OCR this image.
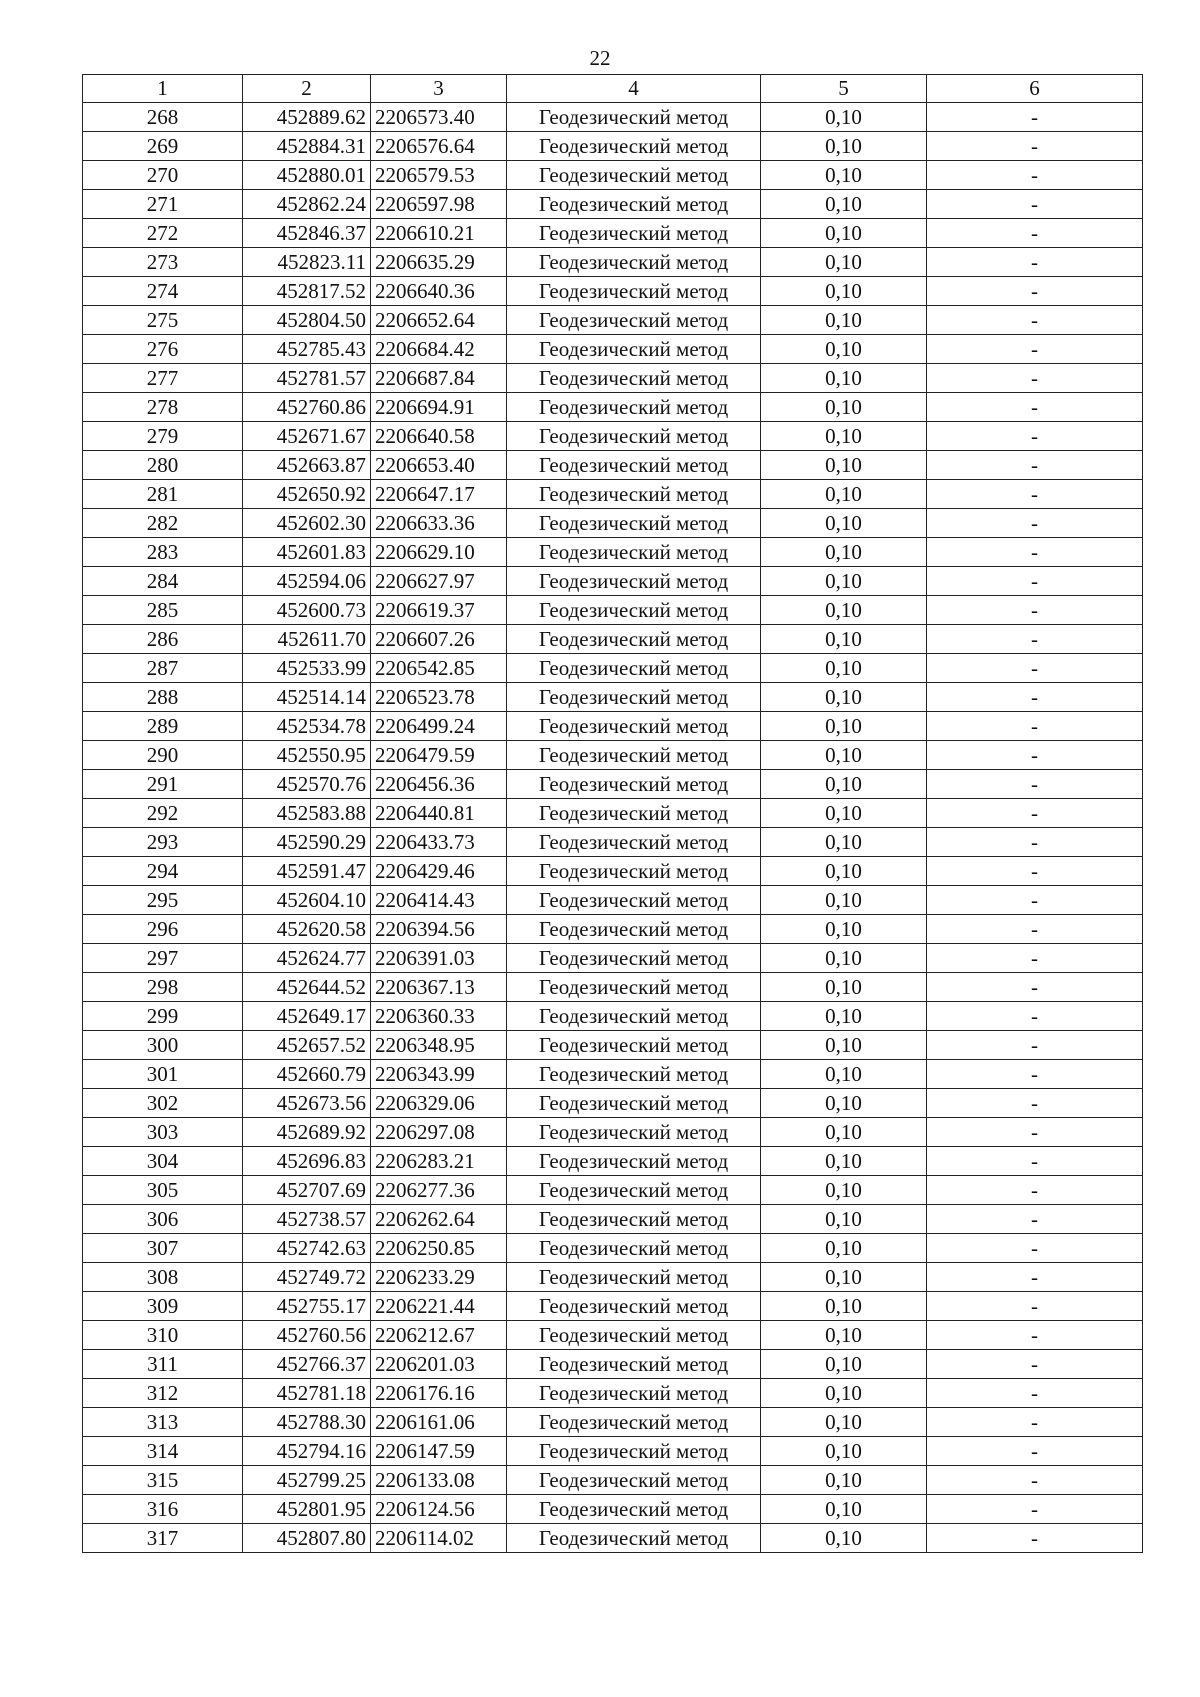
22
1	2	3	4	5	6
268	452889.62	2206573.40	Геодезический метод	0,10	-
269	452884.31	2206576.64	Геодезический метод	0,10	-
270	452880.01	2206579.53	Геодезический метод	0,10	-
271	452862.24	2206597.98	Геодезический метод	0,10	-
272	452846.37	2206610.21	Геодезический метод	0,10	-
273	452823.11	2206635.29	Геодезический метод	0,10	-
274	452817.52	2206640.36	Геодезический метод	0,10	-
275	452804.50	2206652.64	Геодезический метод	0,10	-
276	452785.43	2206684.42	Геодезический метод	0,10	-
277	452781.57	2206687.84	Геодезический метод	0,10	-
278	452760.86	2206694.91	Геодезический метод	0,10	-
279	452671.67	2206640.58	Геодезический метод	0,10	-
280	452663.87	2206653.40	Геодезический метод	0,10	-
281	452650.92	2206647.17	Геодезический метод	0,10	-
282	452602.30	2206633.36	Геодезический метод	0,10	-
283	452601.83	2206629.10	Геодезический метод	0,10	-
284	452594.06	2206627.97	Геодезический метод	0,10	-
285	452600.73	2206619.37	Геодезический метод	0,10	-
286	452611.70	2206607.26	Геодезический метод	0,10	-
287	452533.99	2206542.85	Геодезический метод	0,10	-
288	452514.14	2206523.78	Геодезический метод	0,10	-
289	452534.78	2206499.24	Геодезический метод	0,10	-
290	452550.95	2206479.59	Геодезический метод	0,10	-
291	452570.76	2206456.36	Геодезический метод	0,10	-
292	452583.88	2206440.81	Геодезический метод	0,10	-
293	452590.29	2206433.73	Геодезический метод	0,10	-
294	452591.47	2206429.46	Геодезический метод	0,10	-
295	452604.10	2206414.43	Геодезический метод	0,10	-
296	452620.58	2206394.56	Геодезический метод	0,10	-
297	452624.77	2206391.03	Геодезический метод	0,10	-
298	452644.52	2206367.13	Геодезический метод	0,10	-
299	452649.17	2206360.33	Геодезический метод	0,10	-
300	452657.52	2206348.95	Геодезический метод	0,10	-
301	452660.79	2206343.99	Геодезический метод	0,10	-
302	452673.56	2206329.06	Геодезический метод	0,10	-
303	452689.92	2206297.08	Геодезический метод	0,10	-
304	452696.83	2206283.21	Геодезический метод	0,10	-
305	452707.69	2206277.36	Геодезический метод	0,10	-
306	452738.57	2206262.64	Геодезический метод	0,10	-
307	452742.63	2206250.85	Геодезический метод	0,10	-
308	452749.72	2206233.29	Геодезический метод	0,10	-
309	452755.17	2206221.44	Геодезический метод	0,10	-
310	452760.56	2206212.67	Геодезический метод	0,10	-
311	452766.37	2206201.03	Геодезический метод	0,10	-
312	452781.18	2206176.16	Геодезический метод	0,10	-
313	452788.30	2206161.06	Геодезический метод	0,10	-
314	452794.16	2206147.59	Геодезический метод	0,10	-
315	452799.25	2206133.08	Геодезический метод	0,10	-
316	452801.95	2206124.56	Геодезический метод	0,10	-
317	452807.80	2206114.02	Геодезический метод	0,10	-
